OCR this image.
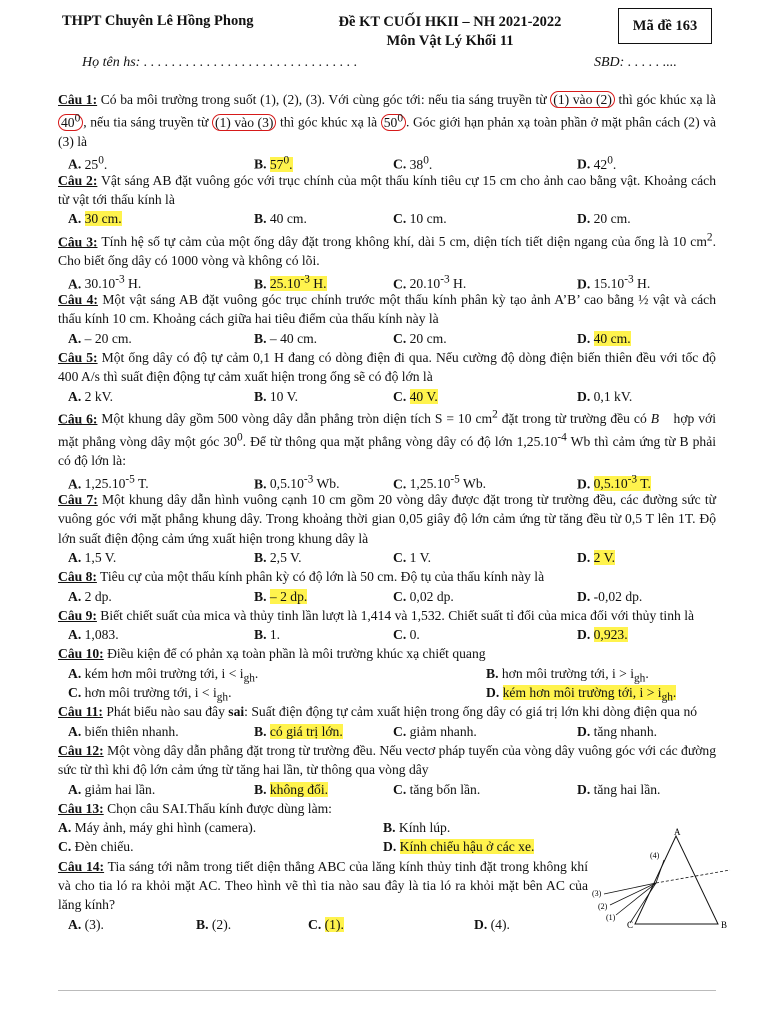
THPT Chuyên Lê Hồng Phong	Đề KT CUỐI HKII – NH 2021-2022
Môn Vật Lý Khối 11
Mã đề 163
Họ tên hs: . . . . . . . . . . . . . . . . . . . . . . . . . . . . . . .	SBD: . . . . . ....

Câu 1: Có ba môi trường trong suốt (1), (2), (3). Với cùng góc tới: nếu tia sáng truyền từ (1) vào (2) thì góc khúc xạ là $40^0$ , nếu tia sáng truyền từ (1) vào (3) thì góc khúc xạ là $50^0$ . Góc giới hạn phản xạ toàn phần ở mặt phân cách (2) và (3) là

A. $25^0$.	B. $57^0$.	C. $38^0$.	D. $42^0$.

Câu 2: Vật sáng AB đặt vuông góc với trục chính của một thấu kính tiêu cự 15 cm cho ảnh cao bằng vật. Khoảng cách từ vật tới thấu kính là

A. 30 cm.	B. 40 cm.	C. 10 cm.	D. 20 cm.

Câu 3: Tính hệ số tự cảm của một ống dây đặt trong không khí, dài 5 cm, diện tích tiết diện ngang của ống là 10 $cm^2$. Cho biết ống dây có 1000 vòng và không có lõi.

A. $30.10^{-3}$ H.	B. $25.10^{-3}$ H.	C. $20.10^{-3}$ H.	D. $15.10^{-3}$ H.

Câu 4: Một vật sáng AB đặt vuông góc trục chính trước một thấu kính phân kỳ tạo ảnh A’B’ cao bằng ½ vật và cách thấu kính 10 cm. Khoảng cách giữa hai tiêu điểm của thấu kính này là

A. – 20 cm.	B. – 40 cm.	C. 20 cm.	D. 40 cm.

Câu 5: Một ống dây có độ tự cảm 0,1 H đang có dòng điện đi qua. Nếu cường độ dòng điện biến thiên đều với tốc độ 400 A/s thì suất điện động tự cảm xuất hiện trong ống sẽ có độ lớn là

A. 2 kV.	B. 10 V.	C. 40 V.	D. 0,1 kV.

Câu 6: Một khung dây gồm 500 vòng dây dẫn phẳng tròn diện tích S = 10 $cm^2$ đặt trong từ trường đều có B⃗ hợp với mặt phẳng vòng dây một góc $30^0$. Để từ thông qua mặt phẳng vòng dây có độ lớn $1,25.10^{-4}$ Wb thì cảm ứng từ B phải có độ lớn là:

A. $1,25.10^{-5}$ T.	B. $0,5.10^{-3}$ Wb.	C. $1,25.10^{-5}$ Wb.	D. $0,5.10^{-3}$ T.

Câu 7: Một khung dây dẫn hình vuông cạnh 10 cm gồm 20 vòng dây được đặt trong từ trường đều, các đường sức từ vuông góc với mặt phẳng khung dây. Trong khoảng thời gian 0,05 giây độ lớn cảm ứng từ tăng đều từ 0,5 T lên 1T. Độ lớn suất điện động cảm ứng xuất hiện trong khung dây là

A. 1,5 V.	B. 2,5 V.	C. 1 V.	D. 2 V.

Câu 8: Tiêu cự của một thấu kính phân kỳ có độ lớn là 50 cm. Độ tụ của thấu kính này là

A. 2 dp.	B. – 2 dp.	C. 0,02 dp.	D. -0,02 dp.

Câu 9: Biết chiết suất của mica và thủy tinh lần lượt là 1,414 và 1,532. Chiết suất tỉ đối của mica đối với thủy tinh là

A. 1,083.	B. 1.	C. 0.	D. 0,923.

Câu 10: Điều kiện để có phản xạ toàn phần là môi trường khúc xạ chiết quang

A. kém hơn môi trường tới, $i < i_{gh}$.	B. hơn môi trường tới, $i > i_{gh}$.
C. hơn môi trường tới, $i < i_{gh}$.	D. kém hơn môi trường tới, $i > i_{gh}$.

Câu 11: Phát biểu nào sau đây sai: Suất điện động tự cảm xuất hiện trong ống dây có giá trị lớn khi dòng điện qua nó

A. biến thiên nhanh.	B. có giá trị lớn.	C. giảm nhanh.	D. tăng nhanh.

Câu 12: Một vòng dây dẫn phẳng đặt trong từ trường đều. Nếu vectơ pháp tuyến của vòng dây vuông góc với các đường sức từ thì khi độ lớn cảm ứng từ tăng hai lần, từ thông qua vòng dây

A. giảm hai lần.	B. không đổi.	C. tăng bốn lần.	D. tăng hai lần.

Câu 13: Chọn câu SAI.Thấu kính được dùng làm:

A. Máy ảnh, máy ghi hình (camera).	B. Kính lúp.
C. Đèn chiếu.	D. Kính chiếu hậu ở các xe.

Câu 14: Tia sáng tới nằm trong tiết diện thẳng ABC của lăng kính thủy tinh đặt trong không khí và cho tia ló ra khỏi mặt AC. Theo hình vẽ thì tia nào sau đây là tia ló ra khỏi mặt bên AC của lăng kính?

A. (3).	B. (2).	C. (1).	D. (4).
A
B
C
(4)
(3)
(2)
(1)
